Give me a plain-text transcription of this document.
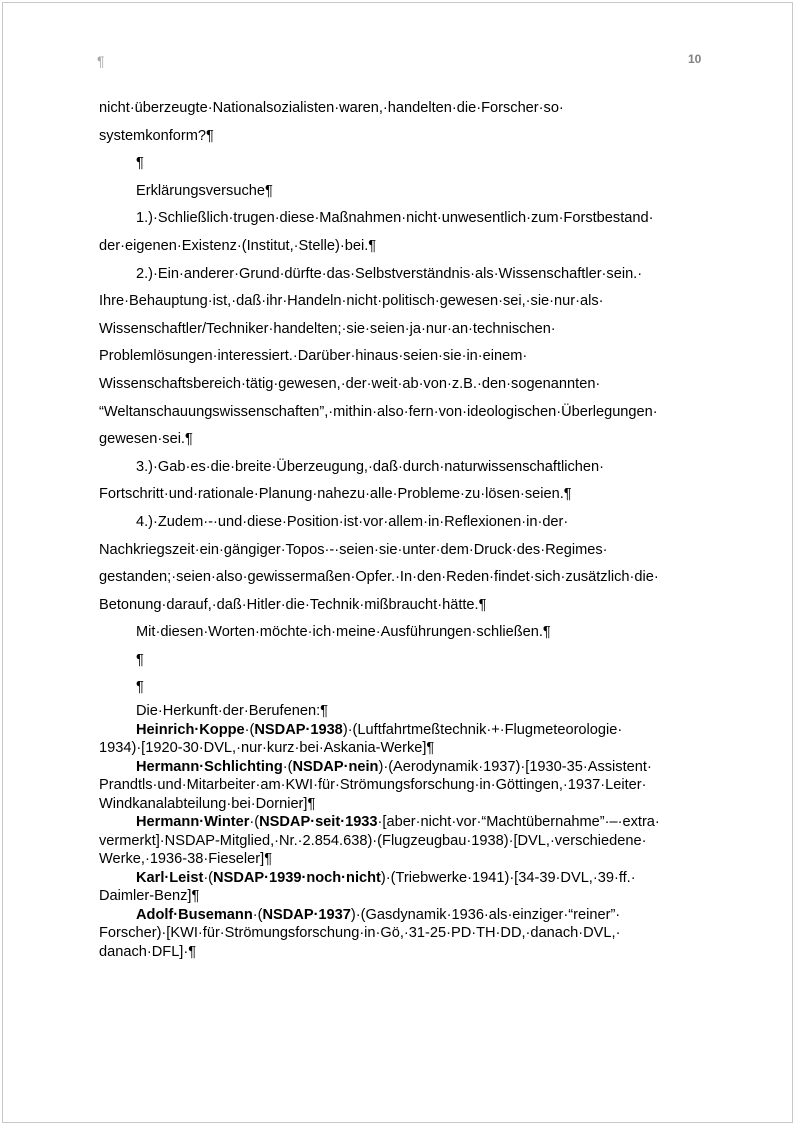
¶	10

nicht·überzeugte·Nationalsozialisten·waren,·handelten·die·Forscher·so·

systemkonform?¶

¶

Erklärungsversuche¶

1.)·Schließlich·trugen·diese·Maßnahmen·nicht·unwesentlich·zum·Forstbestand·

der·eigenen·Existenz·(Institut,·Stelle)·bei.¶

2.)·Ein·anderer·Grund·dürfte·das·Selbstverständnis·als·Wissenschaftler·sein.·

Ihre·Behauptung·ist,·daß·ihr·Handeln·nicht·politisch·gewesen·sei,·sie·nur·als·

Wissenschaftler/Techniker·handelten;·sie·seien·ja·nur·an·technischen·

Problemlösungen·interessiert.·Darüber·hinaus·seien·sie·in·einem·

Wissenschaftsbereich·tätig·gewesen,·der·weit·ab·von·z.B.·den·sogenannten·

“Weltanschauungswissenschaften”,·mithin·also·fern·von·ideologischen·Überlegungen·

gewesen·sei.¶

3.)·Gab·es·die·breite·Überzeugung,·daß·durch·naturwissenschaftlichen·

Fortschritt·und·rationale·Planung·nahezu·alle·Probleme·zu·lösen·seien.¶

4.)·Zudem·-·und·diese·Position·ist·vor·allem·in·Reflexionen·in·der·

Nachkriegszeit·ein·gängiger·Topos·-·seien·sie·unter·dem·Druck·des·Regimes·

gestanden;·seien·also·gewissermaßen·Opfer.·In·den·Reden·findet·sich·zusätzlich·die·

Betonung·darauf,·daß·Hitler·die·Technik·mißbraucht·hätte.¶

Mit·diesen·Worten·möchte·ich·meine·Ausführungen·schließen.¶

¶

¶

Die·Herkunft·der·Berufenen:¶

Heinrich·Koppe·(NSDAP·1938)·(Luftfahrtmeßtechnik·+·Flugmeteorologie·

1934)·[1920-30·DVL,·nur·kurz·bei·Askania-Werke]¶

Hermann·Schlichting·(NSDAP·nein)·(Aerodynamik·1937)·[1930-35·Assistent·

Prandtls·und·Mitarbeiter·am·KWI·für·Strömungsforschung·in·Göttingen,·1937·Leiter·

Windkanalabteilung·bei·Dornier]¶

Hermann·Winter·(NSDAP·seit·1933·[aber·nicht·vor·“Machtübernahme”·–·extra·

vermerkt]·NSDAP-Mitglied,·Nr.·2.854.638)·(Flugzeugbau·1938)·[DVL,·verschiedene·

Werke,·1936-38·Fieseler]¶

Karl·Leist·(NSDAP·1939·noch·nicht)·(Triebwerke·1941)·[34-39·DVL,·39·ff.·

Daimler-Benz]¶

Adolf·Busemann·(NSDAP·1937)·(Gasdynamik·1936·als·einziger·“reiner”·

Forscher)·[KWI·für·Strömungsforschung·in·Gö,·31-25·PD·TH·DD,·danach·DVL,·

danach·DFL]·¶
